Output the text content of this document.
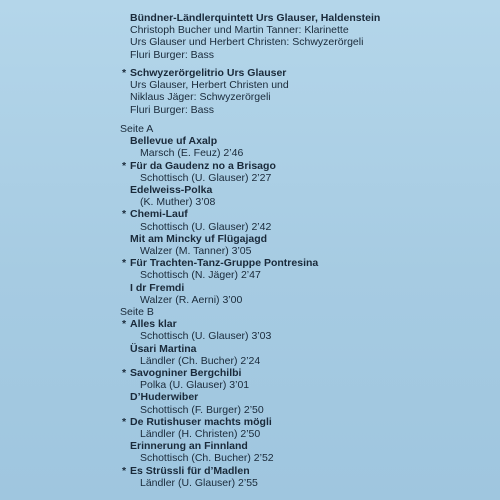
Bündner-Ländlerquintett Urs Glauser, Haldenstein
Christoph Bucher und Martin Tanner: Klarinette
Urs Glauser und Herbert Christen: Schwyzerörgeli
Fluri Burger: Bass
* Schwyzerörgelitrio Urs Glauser
Urs Glauser, Herbert Christen und
Niklaus Jäger: Schwyzerörgeli
Fluri Burger: Bass
Seite A
Bellevue uf Axalp
Marsch (E. Feuz) 2’46
* Für da Gaudenz no a Brisago
Schottisch (U. Glauser) 2’27
Edelweiss-Polka
(K. Muther) 3’08
* Chemi-Lauf
Schottisch (U. Glauser) 2’42
Mit am Mincky uf Flügajagd
Walzer (M. Tanner) 3’05
* Für Trachten-Tanz-Gruppe Pontresina
Schottisch (N. Jäger) 2’47
I dr Fremdi
Walzer (R. Aerni) 3’00
Seite B
* Alles klar
Schottisch (U. Glauser) 3’03
Üsari Martina
Ländler (Ch. Bucher) 2’24
* Savogniner Bergchilbi
Polka (U. Glauser) 3’01
D’Huderwiber
Schottisch (F. Burger) 2’50
* De Rutishuser machts mögli
Ländler (H. Christen) 2’50
Erinnerung an Finnland
Schottisch (Ch. Bucher) 2’52
* Es Strüssli für d’Madlen
Ländler (U. Glauser) 2’55
